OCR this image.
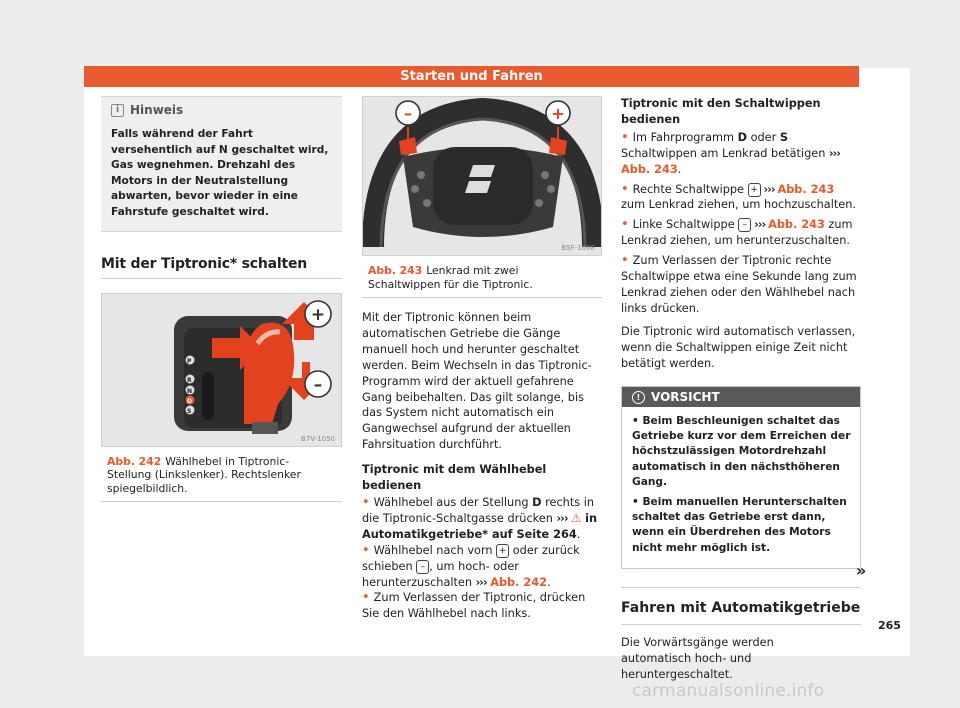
Starten und Fahren
i Hinweis
Falls während der Fahrt versehentlich auf N geschaltet wird, Gas wegnehmen. Drehzahl des Motors in der Neutralstellung abwarten, bevor wieder in eine Fahrstufe geschaltet wird.
Mit der Tiptronic* schalten
P
R
N
D
S
+
–
B7V-1050
Abb. 242 Wählhebel in Tiptronic-Stellung (Linkslenker). Rechtslenker spiegelbildlich.
–	+
B5F-1008
Abb. 243 Lenkrad mit zwei Schaltwippen für die Tiptronic.

Mit der Tiptronic können beim automatischen Getriebe die Gänge manuell hoch und herunter geschaltet werden. Beim Wechseln in das Tiptronic-Programm wird der aktuell gefahrene Gang beibehalten. Das gilt solange, bis das System nicht automatisch ein Gangwechsel aufgrund der aktuellen Fahrsituation durchführt.

Tiptronic mit dem Wählhebel bedienen
• Wählhebel aus der Stellung D rechts in die Tiptronic-Schaltgasse drücken ››› ⚠ in Automatikgetriebe* auf Seite 264.
• Wählhebel nach vorn + oder zurück schieben – , um hoch- oder herunterzuschalten ››› Abb. 242.
• Zum Verlassen der Tiptronic, drücken Sie den Wählhebel nach links.
Tiptronic mit den Schaltwippen bedienen
• Im Fahrprogramm D oder S Schaltwippen am Lenkrad betätigen ››› Abb. 243.
• Rechte Schaltwippe + ››› Abb. 243 zum Lenkrad ziehen, um hochzuschalten.
• Linke Schaltwippe – ››› Abb. 243 zum Lenkrad ziehen, um herunterzuschalten.
• Zum Verlassen der Tiptronic rechte Schaltwippe etwa eine Sekunde lang zum Lenkrad ziehen oder den Wählhebel nach links drücken.

Die Tiptronic wird automatisch verlassen, wenn die Schaltwippen einige Zeit nicht betätigt werden.

! VORSICHT
• Beim Beschleunigen schaltet das Getriebe kurz vor dem Erreichen der höchstzulässigen Motordrehzahl automatisch in den nächsthöheren Gang.
• Beim manuellen Herunterschalten schaltet das Getriebe erst dann, wenn ein Überdrehen des Motors nicht mehr möglich ist.
Fahren mit Automatikgetriebe

Die Vorwärtsgänge werden automatisch hoch- und heruntergeschaltet.

»
265
carmanualsonline.info
